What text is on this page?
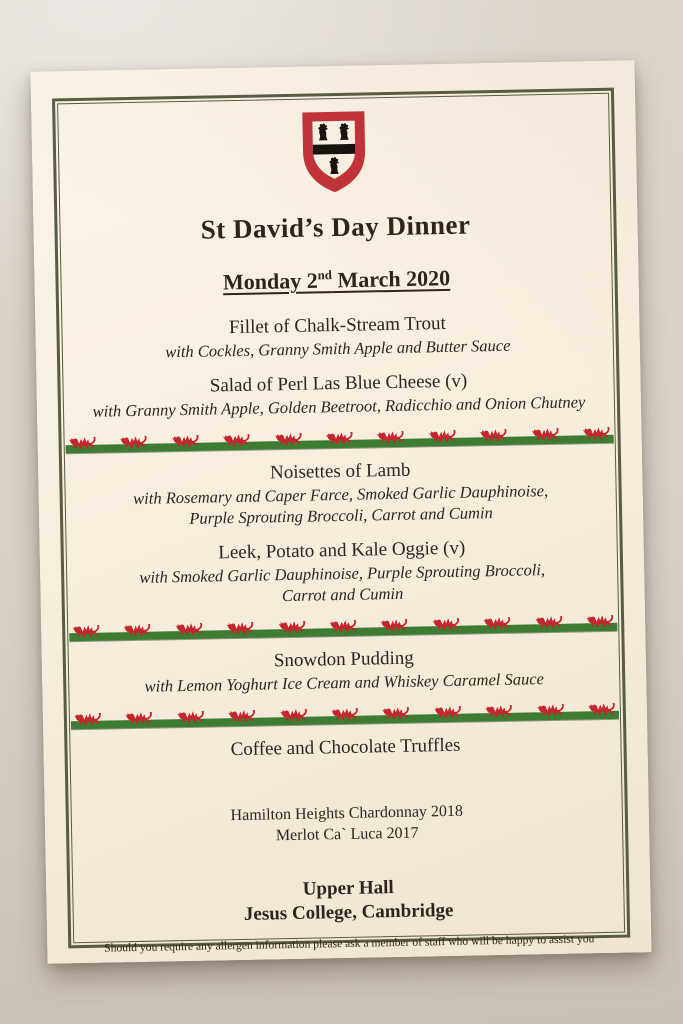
St David’s Day Dinner
Monday 2nd March 2020
Fillet of Chalk-Stream Trout
with Cockles, Granny Smith Apple and Butter Sauce
Salad of Perl Las Blue Cheese (v)
with Granny Smith Apple, Golden Beetroot, Radicchio and Onion Chutney
Noisettes of Lamb
with Rosemary and Caper Farce, Smoked Garlic Dauphinoise,
Purple Sprouting Broccoli, Carrot and Cumin
Leek, Potato and Kale Oggie (v)
with Smoked Garlic Dauphinoise, Purple Sprouting Broccoli,
Carrot and Cumin
Snowdon Pudding
with Lemon Yoghurt Ice Cream and Whiskey Caramel Sauce
Coffee and Chocolate Truffles
Hamilton Heights Chardonnay 2018
Merlot Ca` Luca 2017
Upper Hall
Jesus College, Cambridge
Should you require any allergen information please ask a member of staff who will be happy to assist you
